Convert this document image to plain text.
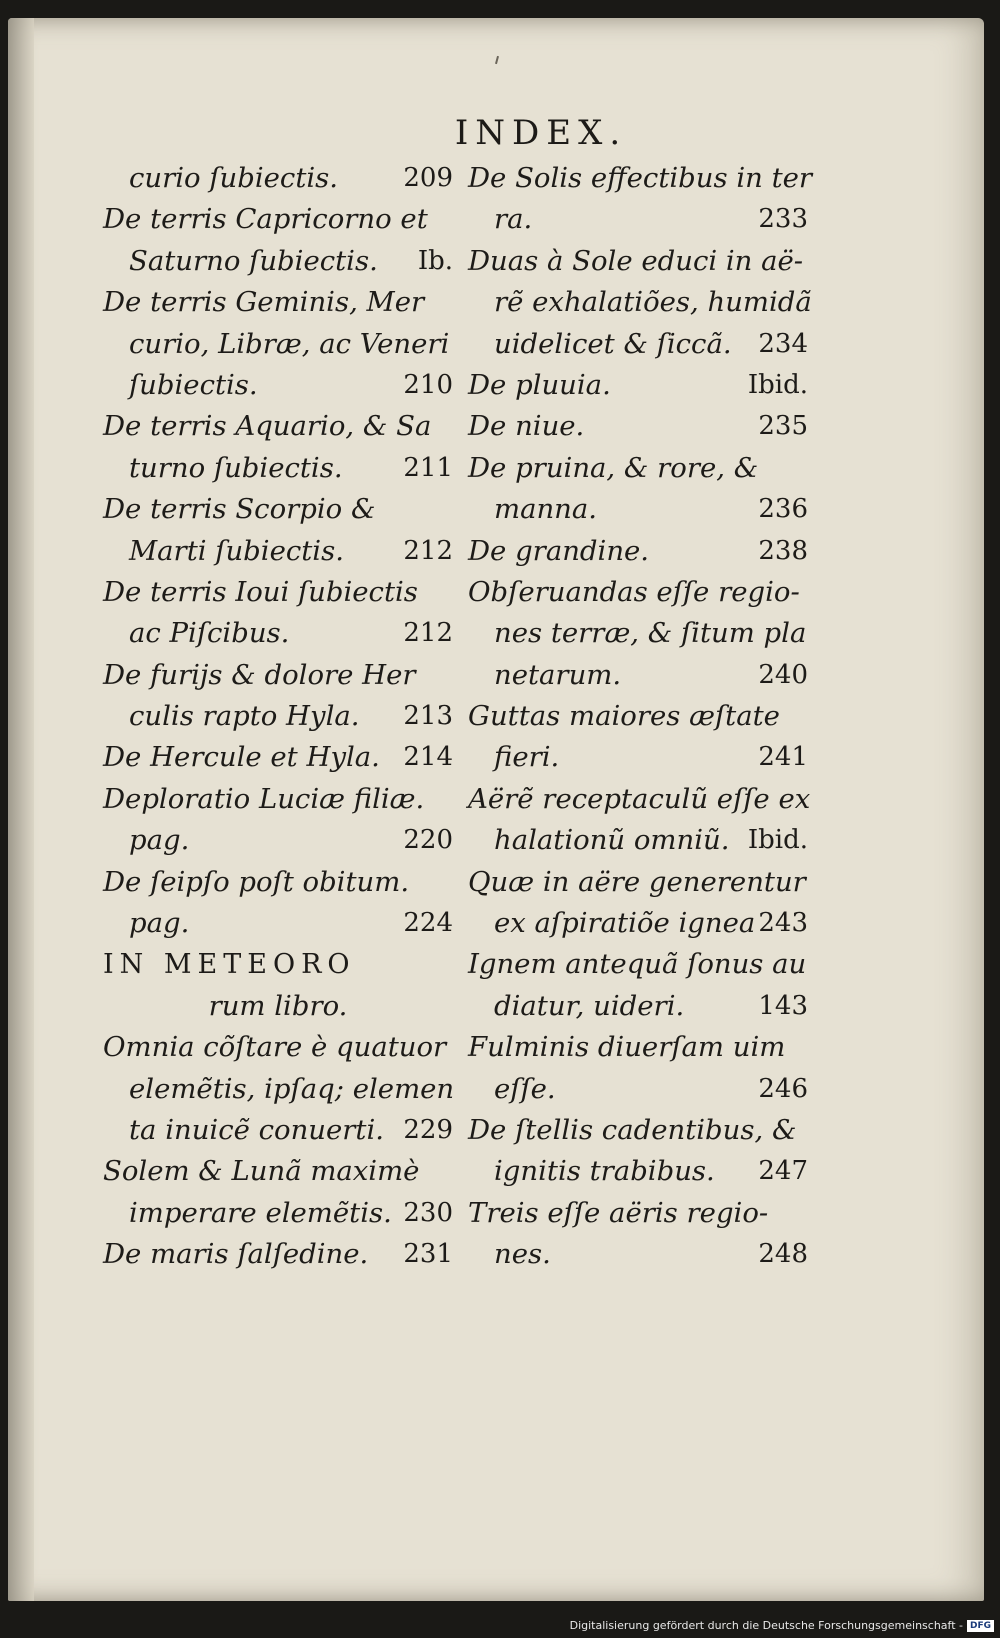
INDEX.
curio ſubiectis.	209
De terris Capricorno et
Saturno ſubiectis. Ib.
De terris Geminis, Mer
curio, Libræ, ac Veneri
ſubiectis.	210
De terris Aquario, & Sa
turno ſubiectis. 211
De terris Scorpio &
Marti ſubiectis. 212
De terris Ioui ſubiectis
ac Piſcibus.	212
De furijs & dolore Her
culis rapto Hyla. 213
De Hercule et Hyla. 214
Deploratio Luciæ filiæ.
pag.	220
De ſeipſo poſt obitum.
pag.	224
IN METEORO
rum libro.
Omnia cõſtare è quatuor
elemẽtis, ipſaq; elemen
ta inuicẽ conuerti. 229
Solem & Lunã maximè
imperare elemẽtis. 230
De maris ſalſedine. 231
De Solis effectibus in ter
ra.	233
Duas à Sole educi in aë-
rẽ exhalatiões, humidã
uidelicet & ſiccã. 234
De pluuia.	Ibid.
De niue.	235
De pruina, & rore, &
manna.	236
De grandine.	238
Obſeruandas eſſe regio-
nes terræ, & ſitum pla
netarum.	240
Guttas maiores æſtate
fieri.	241
Aërẽ receptaculũ eſſe ex
halationũ omniũ. Ibid.
Quæ in aëre generentur
ex aſpiratiõe ignea 243
Ignem antequã ſonus au
diatur, uideri.	143
Fulminis diuerſam uim
eſſe.	246
De ſtellis cadentibus, &
ignitis trabibus. 247
Treis eſſe aëris regio-
nes.	248
Digitalisierung gefördert durch die Deutsche Forschungsgemeinschaft - DFG
